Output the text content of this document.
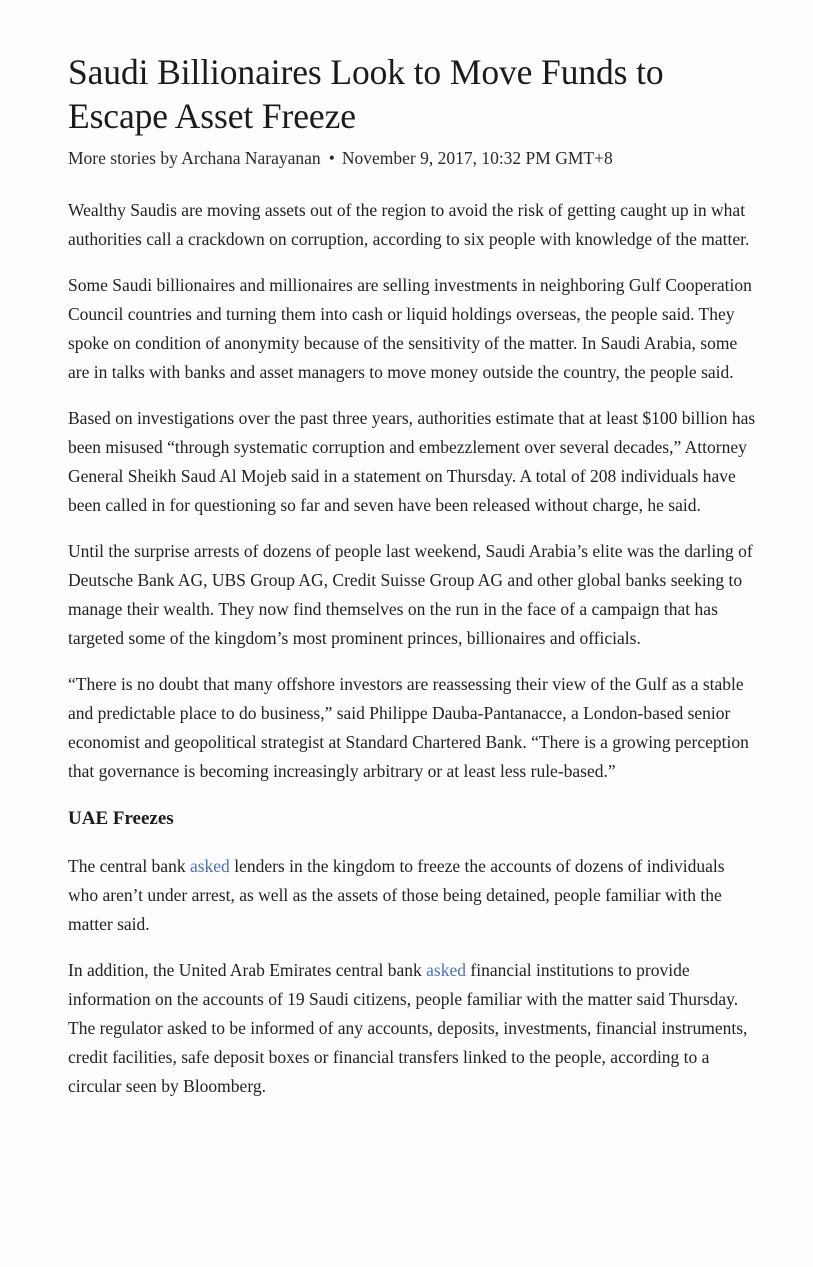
Saudi Billionaires Look to Move Funds to Escape Asset Freeze
More stories by Archana Narayanan • November 9, 2017, 10:32 PM GMT+8

Wealthy Saudis are moving assets out of the region to avoid the risk of getting caught up in what authorities call a crackdown on corruption, according to six people with knowledge of the matter.

Some Saudi billionaires and millionaires are selling investments in neighboring Gulf Cooperation Council countries and turning them into cash or liquid holdings overseas, the people said. They spoke on condition of anonymity because of the sensitivity of the matter. In Saudi Arabia, some are in talks with banks and asset managers to move money outside the country, the people said.

Based on investigations over the past three years, authorities estimate that at least $100 billion has been misused “through systematic corruption and embezzlement over several decades,” Attorney General Sheikh Saud Al Mojeb said in a statement on Thursday. A total of 208 individuals have been called in for questioning so far and seven have been released without charge, he said.

Until the surprise arrests of dozens of people last weekend, Saudi Arabia’s elite was the darling of Deutsche Bank AG, UBS Group AG, Credit Suisse Group AG and other global banks seeking to manage their wealth. They now find themselves on the run in the face of a campaign that has targeted some of the kingdom’s most prominent princes, billionaires and officials.

“There is no doubt that many offshore investors are reassessing their view of the Gulf as a stable and predictable place to do business,” said Philippe Dauba-Pantanacce, a London-based senior economist and geopolitical strategist at Standard Chartered Bank. “There is a growing perception that governance is becoming increasingly arbitrary or at least less rule-based.”

UAE Freezes

The central bank asked lenders in the kingdom to freeze the accounts of dozens of individuals who aren’t under arrest, as well as the assets of those being detained, people familiar with the matter said.

In addition, the United Arab Emirates central bank asked financial institutions to provide information on the accounts of 19 Saudi citizens, people familiar with the matter said Thursday. The regulator asked to be informed of any accounts, deposits, investments, financial instruments, credit facilities, safe deposit boxes or financial transfers linked to the people, according to a circular seen by Bloomberg.
